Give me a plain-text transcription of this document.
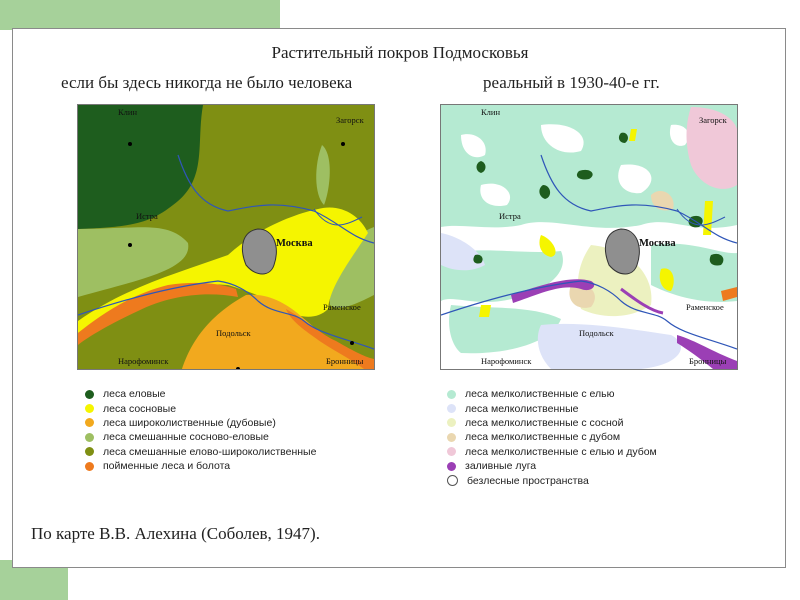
Растительный покров Подмосковья
если бы здесь никогда не было человека	реальный в 1930-40-е гг.
Клин
Загорск
Истра
Москва
Раменское
Подольск
Нарофоминск	Бронницы
Клин
Загорск
Истра
Москва
Раменское
Подольск
Нарофоминск	Бронницы
леса еловые
леса сосновые
леса широколиственные (дубовые)
леса смешанные сосново-еловые
леса смешанные елово-широколиственные
пойменные леса и болота
леса мелколиственные с елью
леса мелколиственные
леса мелколиственные с сосной
леса мелколиственные с дубом
леса мелколиственные с елью и дубом
заливные луга
безлесные пространства
По карте В.В. Алехина (Соболев, 1947).
